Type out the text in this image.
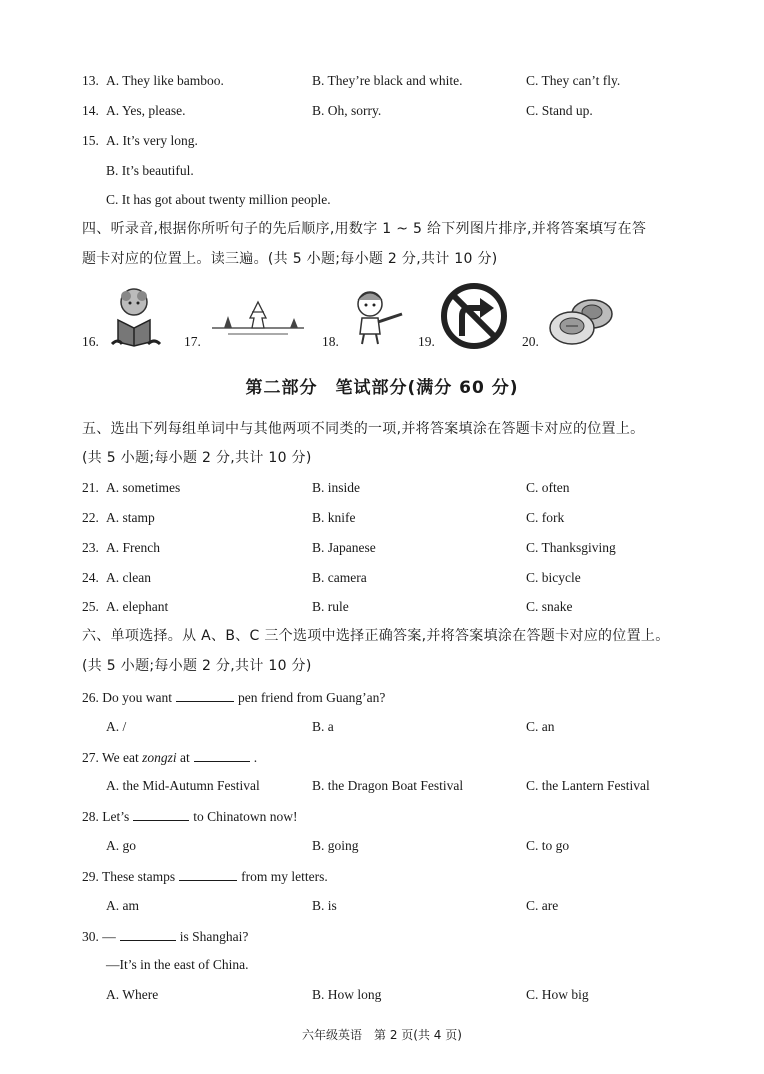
13. A. They like bamboo.	B. They’re black and white.	C. They can’t fly.
14. A. Yes, please.	B. Oh, sorry.	C. Stand up.
15. A. It’s very long.
B. It’s beautiful.
C. It has got about twenty million people.
四、听录音,根据你所听句子的先后顺序,用数字 1 ~ 5 给下列图片排序,并将答案填写在答
题卡对应的位置上。读三遍。(共 5 小题;每小题 2 分,共计 10 分)
16.	17.	18.	19.	20.
第二部分　笔试部分(满分 60 分)
五、选出下列每组单词中与其他两项不同类的一项,并将答案填涂在答题卡对应的位置上。
(共 5 小题;每小题 2 分,共计 10 分)
21. A. sometimes	B. inside	C. often
22. A. stamp	B. knife	C. fork
23. A. French	B. Japanese	C. Thanksgiving
24. A. clean	B. camera	C. bicycle
25. A. elephant	B. rule	C. snake
六、单项选择。从 A、B、C 三个选项中选择正确答案,并将答案填涂在答题卡对应的位置上。
(共 5 小题;每小题 2 分,共计 10 分)
26. Do you want	pen friend from Guang’an?
A. /	B. a	C. an
27. We eat zongzi at	.
A. the Mid-Autumn Festival	B. the Dragon Boat Festival	C. the Lantern Festival
28. Let’s	to Chinatown now!
A. go	B. going	C. to go
29. These stamps	from my letters.
A. am	B. is	C. are
30. —	is Shanghai?
—It’s in the east of China.
A. Where	B. How long	C. How big
六年级英语　第 2 页(共 4 页)
